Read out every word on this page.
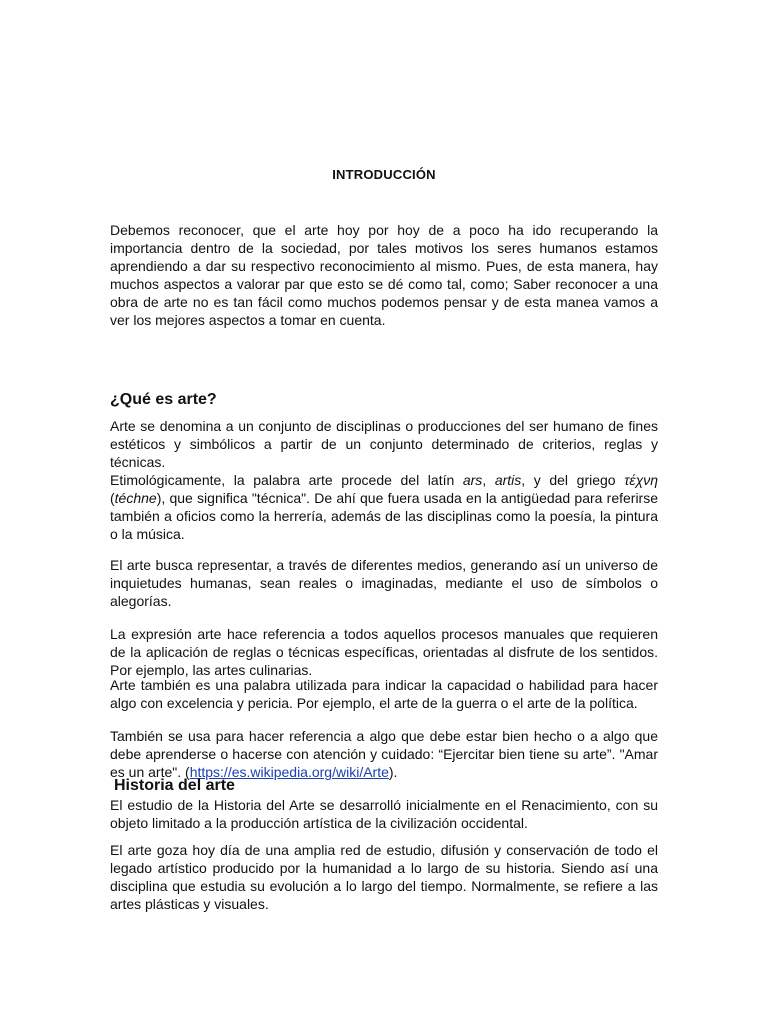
INTRODUCCIÓN

Debemos reconocer, que el arte hoy por hoy de a poco ha ido recuperando la importancia dentro de la sociedad, por tales motivos los seres humanos estamos aprendiendo a dar su respectivo reconocimiento al mismo. Pues, de esta manera, hay muchos aspectos a valorar par que esto se dé como tal, como; Saber reconocer a una obra de arte no es tan fácil como muchos podemos pensar y de esta manea vamos a ver los mejores aspectos a tomar en cuenta.

¿Qué es arte?

Arte se denomina a un conjunto de disciplinas o producciones del ser humano de fines estéticos y simbólicos a partir de un conjunto determinado de criterios, reglas y técnicas.

Etimológicamente, la palabra arte procede del latín ars, artis, y del griego τέχνη (téchne), que significa "técnica". De ahí que fuera usada en la antigüedad para referirse también a oficios como la herrería, además de las disciplinas como la poesía, la pintura o la música.

El arte busca representar, a través de diferentes medios, generando así un universo de inquietudes humanas, sean reales o imaginadas, mediante el uso de símbolos o alegorías.

La expresión arte hace referencia a todos aquellos procesos manuales que requieren de la aplicación de reglas o técnicas específicas, orientadas al disfrute de los sentidos. Por ejemplo, las artes culinarias.

Arte también es una palabra utilizada para indicar la capacidad o habilidad para hacer algo con excelencia y pericia. Por ejemplo, el arte de la guerra o el arte de la política.

También se usa para hacer referencia a algo que debe estar bien hecho o a algo que debe aprenderse o hacerse con atención y cuidado: “Ejercitar bien tiene su arte”. "Amar es un arte". (https://es.wikipedia.org/wiki/Arte).

Historia del arte

El estudio de la Historia del Arte se desarrolló inicialmente en el Renacimiento, con su objeto limitado a la producción artística de la civilización occidental.

El arte goza hoy día de una amplia red de estudio, difusión y conservación de todo el legado artístico producido por la humanidad a lo largo de su historia. Siendo así una disciplina que estudia su evolución a lo largo del tiempo. Normalmente, se refiere a las artes plásticas y visuales.
